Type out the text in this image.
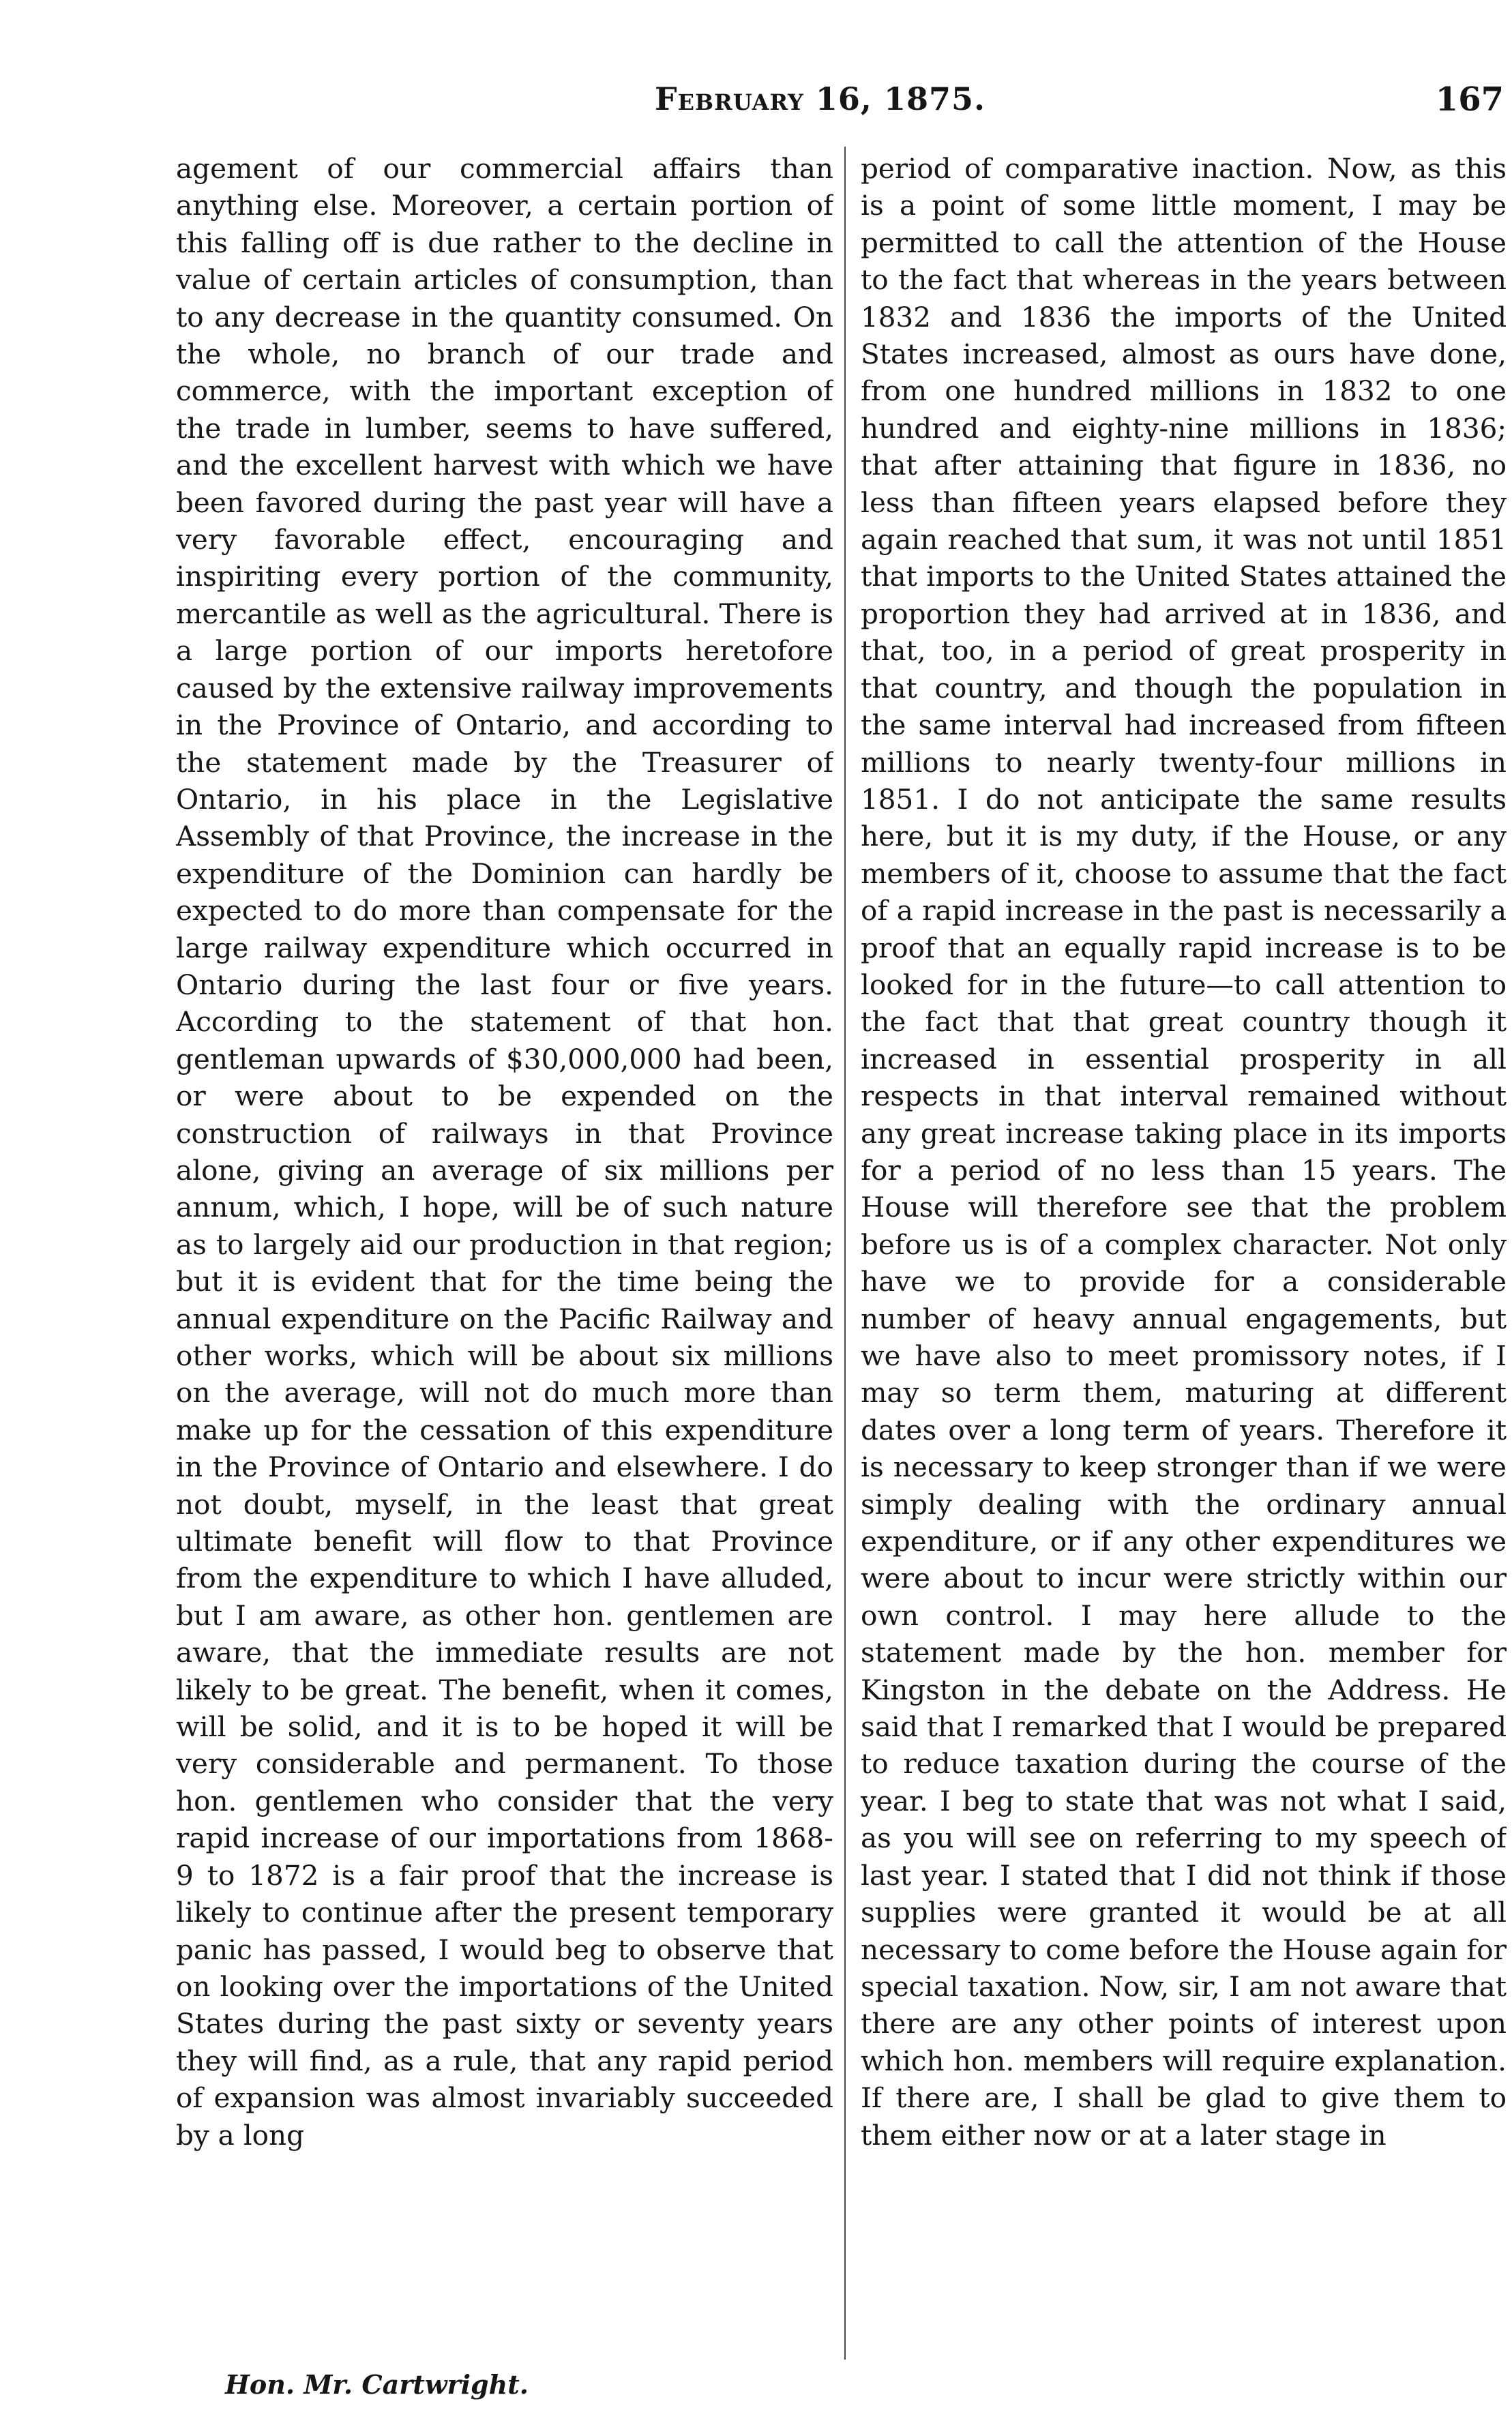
February 16, 1875.	167

agement of our commercial affairs than anything else. Moreover, a certain portion of this falling off is due rather to the decline in value of certain articles of consumption, than to any decrease in the quantity consumed. On the whole, no branch of our trade and commerce, with the important exception of the trade in lumber, seems to have suffered, and the excellent harvest with which we have been favored during the past year will have a very favorable effect, encouraging and inspiriting every portion of the community, mercantile as well as the agricultural. There is a large portion of our imports heretofore caused by the extensive railway improvements in the Province of Ontario, and according to the statement made by the Treasurer of Ontario, in his place in the Legislative Assembly of that Province, the increase in the expenditure of the Dominion can hardly be expected to do more than compensate for the large railway expenditure which occurred in Ontario during the last four or five years. According to the statement of that hon. gentleman upwards of $30,000,000 had been, or were about to be expended on the construction of railways in that Province alone, giving an average of six millions per annum, which, I hope, will be of such nature as to largely aid our production in that region; but it is evident that for the time being the annual expenditure on the Pacific Railway and other works, which will be about six millions on the average, will not do much more than make up for the cessation of this expenditure in the Province of Ontario and elsewhere. I do not doubt, myself, in the least that great ultimate benefit will flow to that Province from the expenditure to which I have alluded, but I am aware, as other hon. gentlemen are aware, that the immediate results are not likely to be great. The benefit, when it comes, will be solid, and it is to be hoped it will be very considerable and permanent. To those hon. gentlemen who consider that the very rapid increase of our importations from 1868-9 to 1872 is a fair proof that the increase is likely to continue after the present temporary panic has passed, I would beg to observe that on looking over the importations of the United States during the past sixty or seventy years they will find, as a rule, that any rapid period of expansion was almost invariably succeeded by a long

period of comparative inaction. Now, as this is a point of some little moment, I may be permitted to call the attention of the House to the fact that whereas in the years between 1832 and 1836 the imports of the United States increased, almost as ours have done, from one hundred millions in 1832 to one hundred and eighty-nine millions in 1836; that after attaining that figure in 1836, no less than fifteen years elapsed before they again reached that sum, it was not until 1851 that imports to the United States attained the proportion they had arrived at in 1836, and that, too, in a period of great prosperity in that country, and though the population in the same interval had increased from fifteen millions to nearly twenty-four millions in 1851. I do not anticipate the same results here, but it is my duty, if the House, or any members of it, choose to assume that the fact of a rapid increase in the past is necessarily a proof that an equally rapid increase is to be looked for in the future—to call attention to the fact that that great country though it increased in essential prosperity in all respects in that interval remained without any great increase taking place in its imports for a period of no less than 15 years. The House will therefore see that the problem before us is of a complex character. Not only have we to provide for a considerable number of heavy annual engagements, but we have also to meet promissory notes, if I may so term them, maturing at different dates over a long term of years. Therefore it is necessary to keep stronger than if we were simply dealing with the ordinary annual expenditure, or if any other expenditures we were about to incur were strictly within our own control. I may here allude to the statement made by the hon. member for Kingston in the debate on the Address. He said that I remarked that I would be prepared to reduce taxation during the course of the year. I beg to state that was not what I said, as you will see on referring to my speech of last year. I stated that I did not think if those supplies were granted it would be at all necessary to come before the House again for special taxation. Now, sir, I am not aware that there are any other points of interest upon which hon. members will require explanation. If there are, I shall be glad to give them to them either now or at a later stage in

Hon. Mr. Cartwright.
